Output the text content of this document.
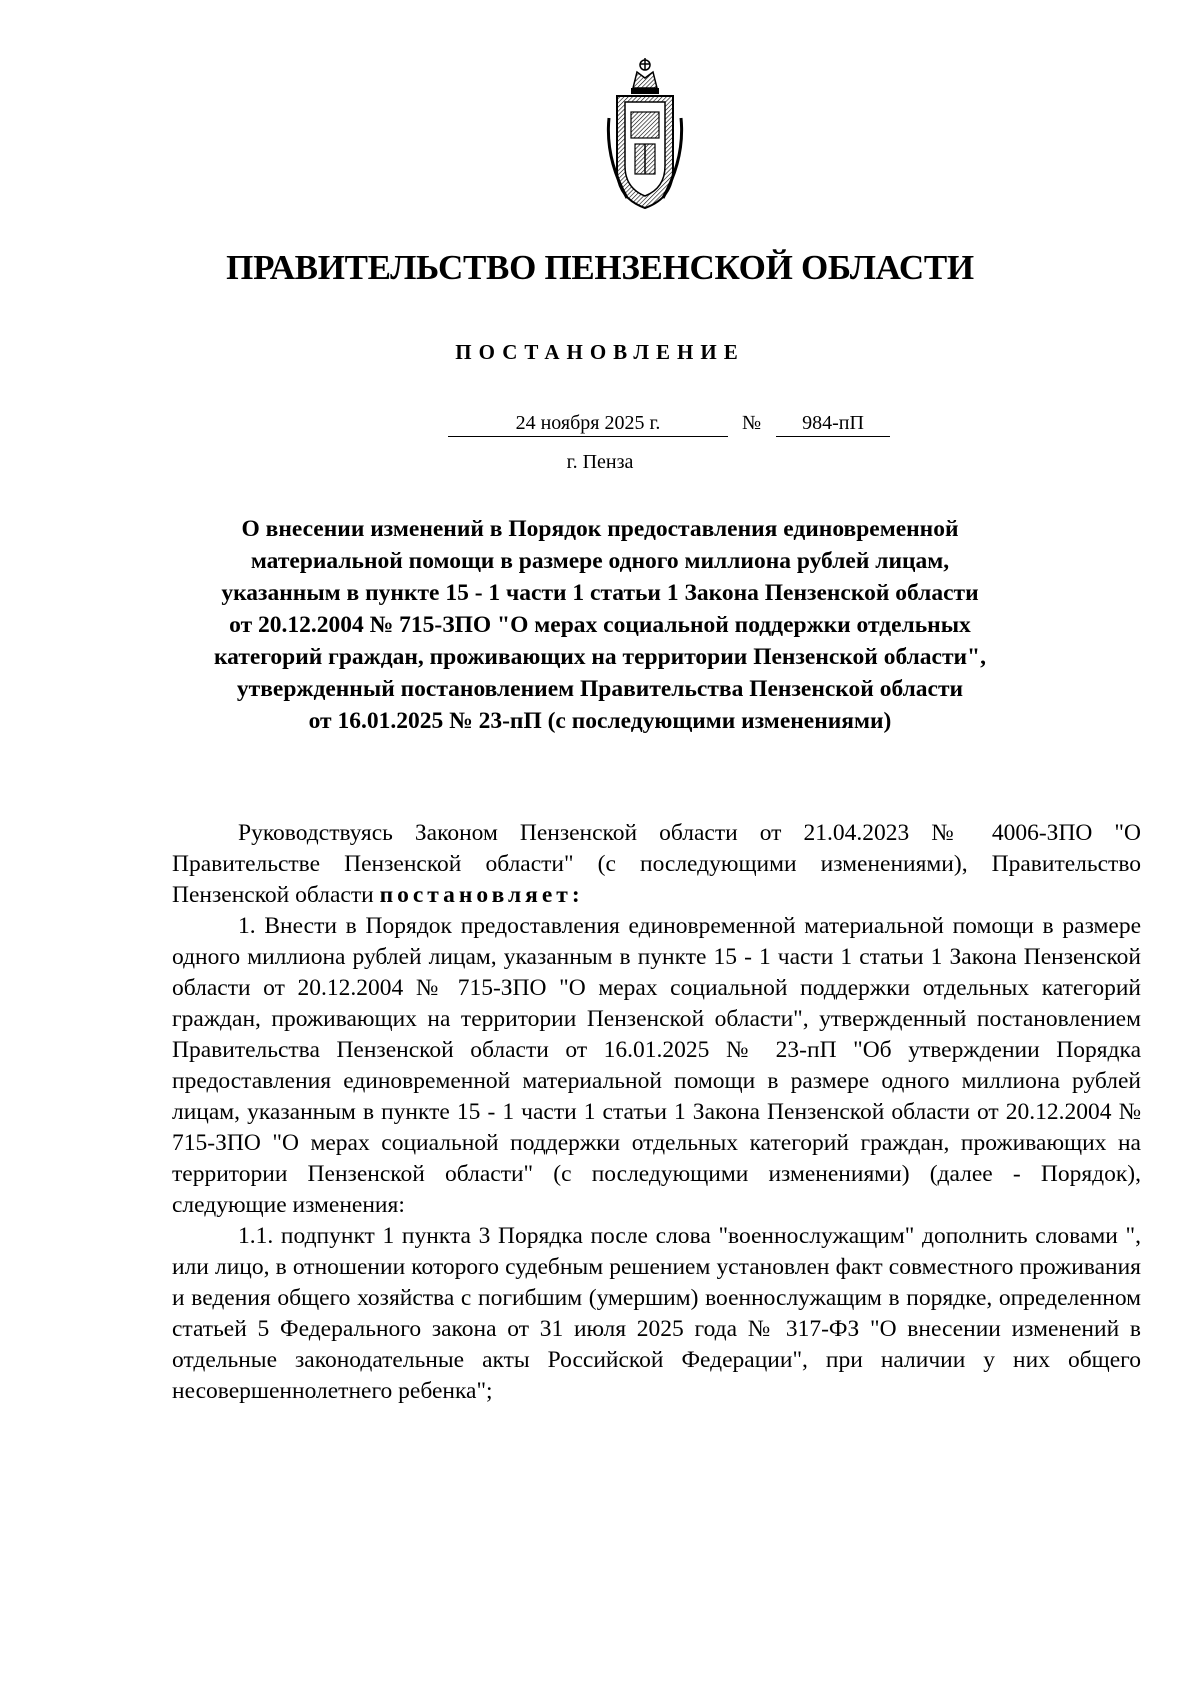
ПРАВИТЕЛЬСТВО ПЕНЗЕНСКОЙ ОБЛАСТИ
ПОСТАНОВЛЕНИЕ
24 ноября 2025 г.	№	984-пП
г. Пенза
О внесении изменений в Порядок предоставления единовременной
материальной помощи в размере одного миллиона рублей лицам,
указанным в пункте 15 - 1 части 1 статьи 1 Закона Пензенской области
от 20.12.2004 № 715-ЗПО "О мерах социальной поддержки отдельных
категорий граждан, проживающих на территории Пензенской области",
утвержденный постановлением Правительства Пензенской области
от 16.01.2025 № 23-пП (с последующими изменениями)

Руководствуясь Законом Пензенской области от 21.04.2023 № 4006-ЗПО "О Правительстве Пензенской области" (с последующими изменениями), Правительство Пензенской области постановляет:

1. Внести в Порядок предоставления единовременной материальной помощи в размере одного миллиона рублей лицам, указанным в пункте 15 - 1 части 1 статьи 1 Закона Пензенской области от 20.12.2004 № 715-ЗПО "О мерах социальной поддержки отдельных категорий граждан, проживающих на территории Пензенской области", утвержденный постановлением Правительства Пензенской области от 16.01.2025 № 23-пП "Об утверждении Порядка предоставления единовременной материальной помощи в размере одного миллиона рублей лицам, указанным в пункте 15 - 1 части 1 статьи 1 Закона Пензенской области от 20.12.2004 № 715-ЗПО "О мерах социальной поддержки отдельных категорий граждан, проживающих на территории Пензенской области" (с последующими изменениями) (далее - Порядок), следующие изменения:

1.1. подпункт 1 пункта 3 Порядка после слова "военнослужащим" дополнить словами ", или лицо, в отношении которого судебным решением установлен факт совместного проживания и ведения общего хозяйства с погибшим (умершим) военнослужащим в порядке, определенном статьей 5 Федерального закона от 31 июля 2025 года № 317-ФЗ "О внесении изменений в отдельные законодательные акты Российской Федерации", при наличии у них общего несовершеннолетнего ребенка";
